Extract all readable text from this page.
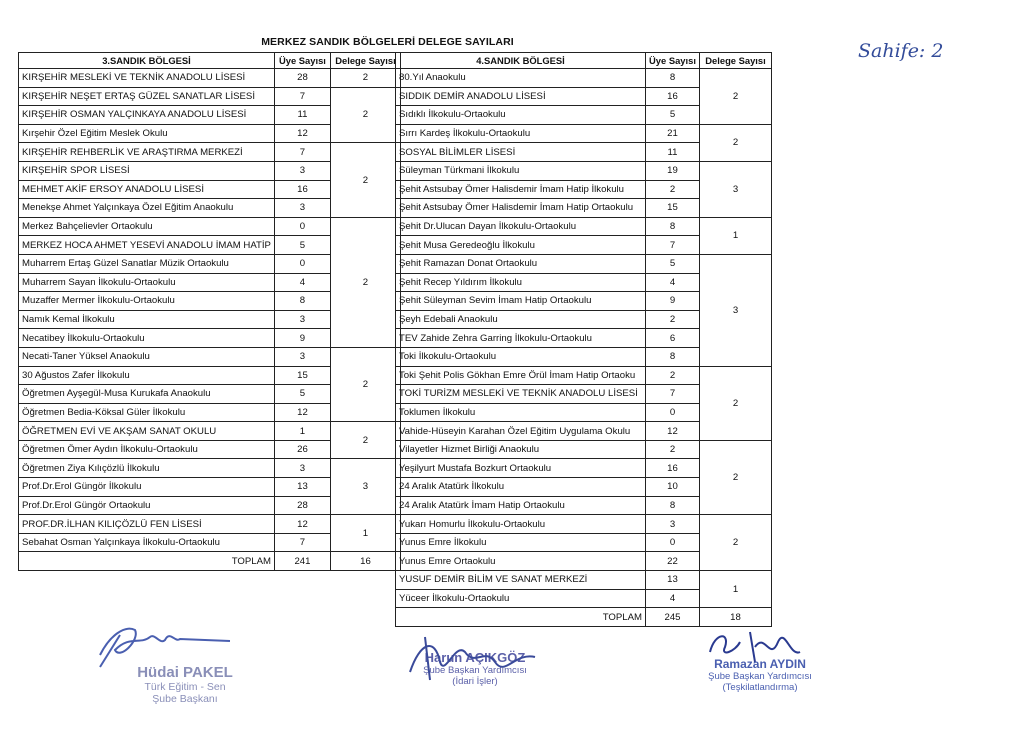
Sahife: 2
MERKEZ SANDIK BÖLGELERİ DELEGE SAYILARI
3.SANDIK BÖLGESİ	Üye Sayısı	Delege Sayısı
KIRŞEHİR MESLEKİ VE TEKNİK ANADOLU LİSESİ	28	2
KIRŞEHİR NEŞET ERTAŞ GÜZEL SANATLAR LİSESİ	7	2
KIRŞEHİR OSMAN YALÇINKAYA ANADOLU LİSESİ	11	
Kırşehir Özel Eğitim Meslek Okulu	12	
KIRŞEHİR REHBERLİK VE ARAŞTIRMA MERKEZİ	7	2
KIRŞEHİR SPOR LİSESİ	3	
MEHMET AKİF ERSOY ANADOLU LİSESİ	16	
Menekşe Ahmet Yalçınkaya Özel Eğitim Anaokulu	3	
Merkez Bahçelievler Ortaokulu	0	2
MERKEZ HOCA AHMET YESEVİ ANADOLU İMAM HATİP	5	
Muharrem Ertaş Güzel Sanatlar Müzik Ortaokulu	0	
Muharrem Sayan İlkokulu-Ortaokulu	4	
Muzaffer Mermer İlkokulu-Ortaokulu	8	
Namık Kemal İlkokulu	3	
Necatibey İlkokulu-Ortaokulu	9	
Necati-Taner Yüksel Anaokulu	3	2
30 Ağustos Zafer İlkokulu	15	
Öğretmen Ayşegül-Musa Kurukafa Anaokulu	5	
Öğretmen Bedia-Köksal Güler İlkokulu	12	
ÖĞRETMEN EVİ VE AKŞAM SANAT OKULU	1	2
Öğretmen Ömer Aydın İlkokulu-Ortaokulu	26	
Öğretmen Ziya Kılıçözlü İlkokulu	3	3
Prof.Dr.Erol Güngör İlkokulu	13	
Prof.Dr.Erol Güngör Ortaokulu	28	
PROF.DR.İLHAN KILIÇÖZLÜ FEN LİSESİ	12	1
Sebahat Osman Yalçınkaya İlkokulu-Ortaokulu	7	
TOPLAM	241	16
4.SANDIK BÖLGESİ	Üye Sayısı	Delege Sayısı
80.Yıl Anaokulu	8	2
SIDDIK DEMİR ANADOLU LİSESİ	16	
Sıdıklı İlkokulu-Ortaokulu	5	
Sırrı Kardeş İlkokulu-Ortaokulu	21	2
SOSYAL BİLİMLER LİSESİ	11	
Süleyman Türkmani İlkokulu	19	3
Şehit Astsubay Ömer Halisdemir İmam Hatip İlkokulu	2	
Şehit Astsubay Ömer Halisdemir İmam Hatip Ortaokulu	15	
Şehit Dr.Ulucan Dayan İlkokulu-Ortaokulu	8	1
Şehit Musa Geredeoğlu İlkokulu	7	
Şehit Ramazan Donat Ortaokulu	5	3
Şehit Recep Yıldırım İlkokulu	4	
Şehit Süleyman Sevim İmam Hatip Ortaokulu	9	
Şeyh Edebali Anaokulu	2	
TEV Zahide Zehra Garring İlkokulu-Ortaokulu	6	
Toki İlkokulu-Ortaokulu	8	
Toki Şehit Polis Gökhan Emre Örül İmam Hatip Ortaoku	2	2
TOKİ TURİZM MESLEKİ VE TEKNİK ANADOLU LİSESİ	7	
Toklumen İlkokulu	0	
Vahide-Hüseyin Karahan Özel Eğitim Uygulama Okulu	12	
Vilayetler Hizmet Birliği Anaokulu	2	2
Yeşilyurt Mustafa Bozkurt Ortaokulu	16	
24 Aralık Atatürk İlkokulu	10	
24 Aralık Atatürk İmam Hatip Ortaokulu	8	
Yukarı Homurlu İlkokulu-Ortaokulu	3	2
Yunus Emre İlkokulu	0	
Yunus Emre Ortaokulu	22	
YUSUF DEMİR BİLİM VE SANAT MERKEZİ	13	1
Yüceer İlkokulu-Ortaokulu	4	
TOPLAM	245	18
Hüdai PAKEL
Türk Eğitim - Sen
Şube Başkanı
Harun AÇIKGÖZ
Şube Başkan Yardımcısı
(İdari İşler)
Ramazan AYDIN
Şube Başkan Yardımcısı
(Teşkilatlandırma)
